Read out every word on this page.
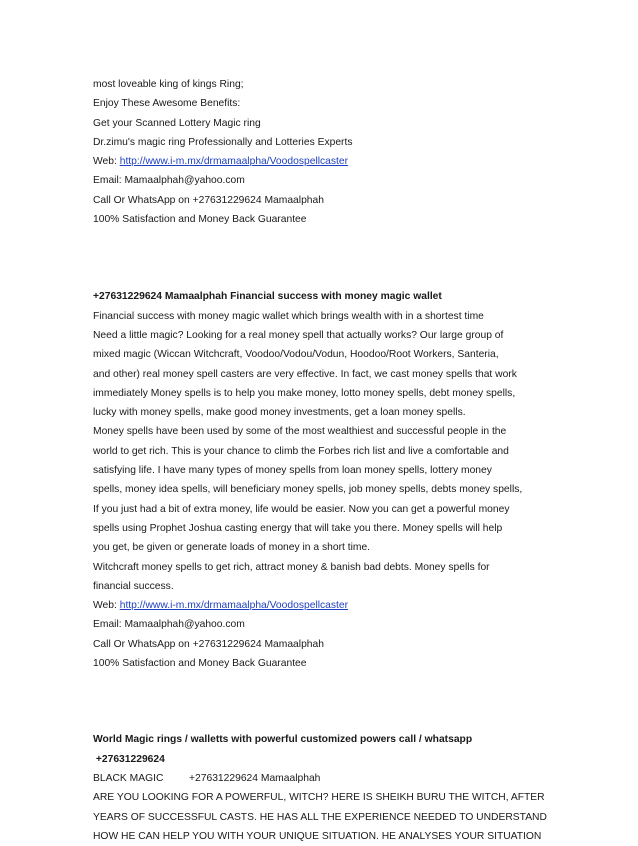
most loveable king of kings Ring;
Enjoy These Awesome Benefits:
Get your Scanned Lottery Magic ring
Dr.zimu's magic ring Professionally and Lotteries Experts
Web: http://www.i-m.mx/drmamaalpha/Voodospellcaster
Email: Mamaalphah@yahoo.com
Call Or WhatsApp on +27631229624 Mamaalphah
100% Satisfaction and Money Back Guarantee
+27631229624 Mamaalphah Financial success with money magic wallet
Financial success with money magic wallet which brings wealth with in a shortest time
Need a little magic? Looking for a real money spell that actually works? Our large group of
mixed magic (Wiccan Witchcraft, Voodoo/Vodou/Vodun, Hoodoo/Root Workers, Santeria,
and other) real money spell casters are very effective. In fact, we cast money spells that work
immediately Money spells is to help you make money, lotto money spells, debt money spells,
lucky with money spells, make good money investments, get a loan money spells.
Money spells have been used by some of the most wealthiest and successful people in the
world to get rich. This is your chance to climb the Forbes rich list and live a comfortable and
satisfying life. I have many types of money spells from loan money spells, lottery money
spells, money idea spells, will beneficiary money spells, job money spells, debts money spells,
If you just had a bit of extra money, life would be easier. Now you can get a powerful money
spells using Prophet Joshua casting energy that will take you there. Money spells will help
you get, be given or generate loads of money in a short time.
Witchcraft money spells to get rich, attract money & banish bad debts. Money spells for
financial success.
Web: http://www.i-m.mx/drmamaalpha/Voodospellcaster
Email: Mamaalphah@yahoo.com
Call Or WhatsApp on +27631229624 Mamaalphah
100% Satisfaction and Money Back Guarantee
World Magic rings / walletts with powerful customized powers call / whatsapp
+27631229624
BLACK MAGIC +27631229624 Mamaalphah
ARE YOU LOOKING FOR A POWERFUL, WITCH? HERE IS SHEIKH BURU THE WITCH, AFTER
YEARS OF SUCCESSFUL CASTS. HE HAS ALL THE EXPERIENCE NEEDED TO UNDERSTAND
HOW HE CAN HELP YOU WITH YOUR UNIQUE SITUATION. HE ANALYSES YOUR SITUATION
